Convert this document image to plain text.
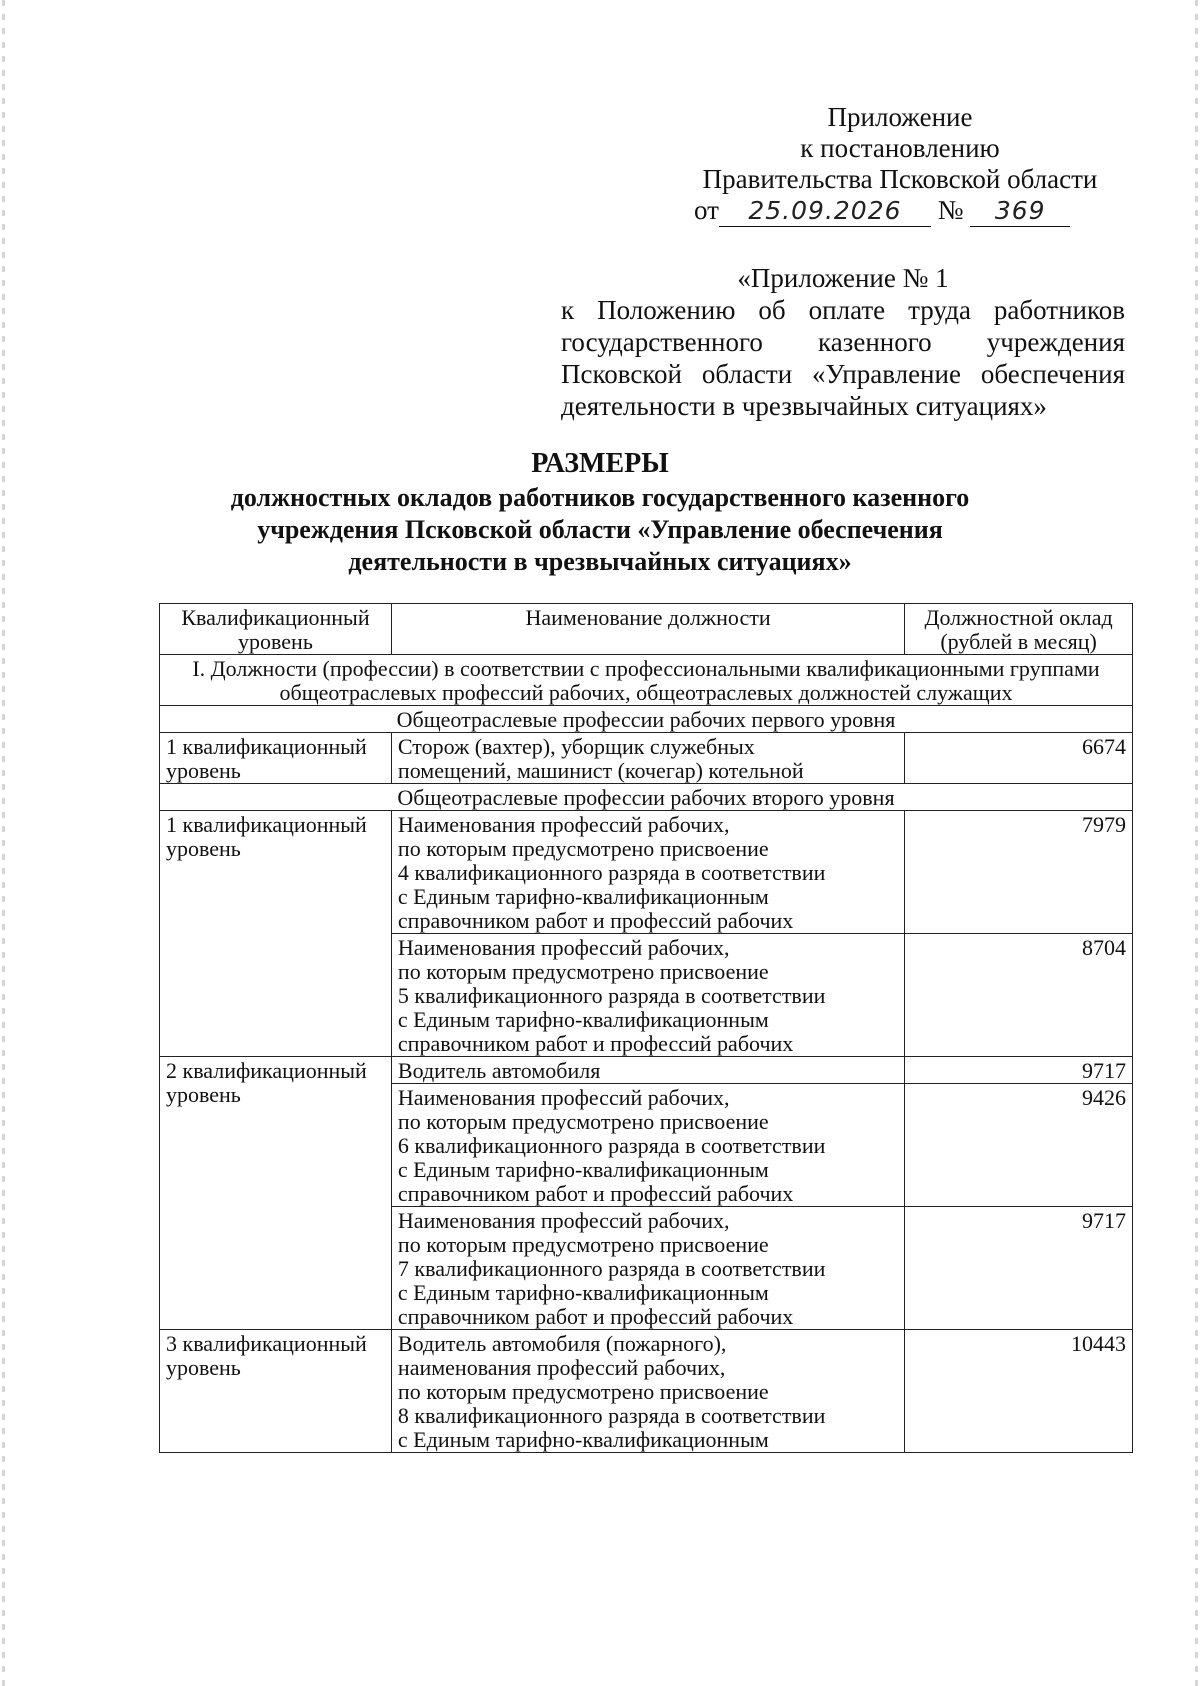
Приложение
к постановлению
Правительства Псковской области
от 25.09.2026 № 369
«Приложение № 1
к Положению об оплате труда работников
государственного казенного учреждения
Псковской области «Управление обеспечения
деятельности в чрезвычайных ситуациях»
РАЗМЕРЫ
должностных окладов работников государственного казенного
учреждения Псковской области «Управление обеспечения
деятельности в чрезвычайных ситуациях»
Квалификационный
уровень	Наименование должности	Должностной оклад
(рублей в месяц)
I. Должности (профессии) в соответствии с профессиональными квалификационными группами общеотраслевых профессий рабочих, общеотраслевых должностей служащих		
Общеотраслевые профессии рабочих первого уровня		
1 квалификационный
уровень	Сторож (вахтер), уборщик служебных
помещений, машинист (кочегар) котельной	6674
Общеотраслевые профессии рабочих второго уровня		
1 квалификационный
уровень	Наименования профессий рабочих,
по которым предусмотрено присвоение
4 квалификационного разряда в соответствии
с Единым тарифно-квалификационным
справочником работ и профессий рабочих	7979
	Наименования профессий рабочих,
по которым предусмотрено присвоение
5 квалификационного разряда в соответствии
с Единым тарифно-квалификационным
справочником работ и профессий рабочих	8704
2 квалификационный
уровень	Водитель автомобиля	9717
	Наименования профессий рабочих,
по которым предусмотрено присвоение
6 квалификационного разряда в соответствии
с Единым тарифно-квалификационным
справочником работ и профессий рабочих	9426
	Наименования профессий рабочих,
по которым предусмотрено присвоение
7 квалификационного разряда в соответствии
с Единым тарифно-квалификационным
справочником работ и профессий рабочих	9717
3 квалификационный
уровень	Водитель автомобиля (пожарного),
наименования профессий рабочих,
по которым предусмотрено присвоение
8 квалификационного разряда в соответствии
с Единым тарифно-квалификационным	10443
